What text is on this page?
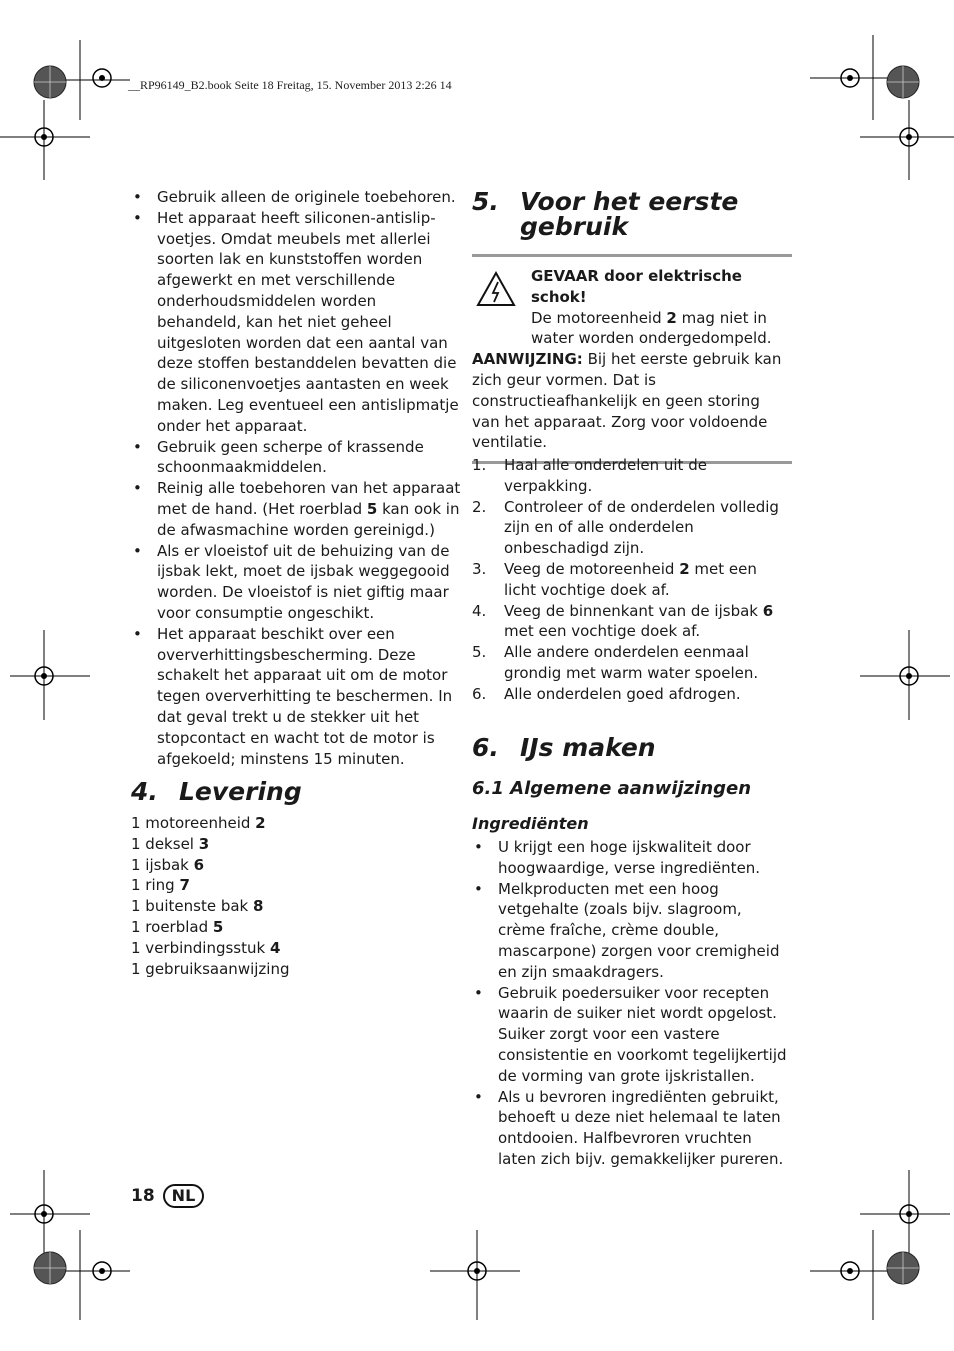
__RP96149_B2.book Seite 18 Freitag, 15. November 2013 2:26 14
• Gebruik alleen de originele toebehoren.
• Het apparaat heeft siliconen-antislip-voetjes. Omdat meubels met allerlei soorten lak en kunststoffen worden afgewerkt en met verschillende onderhoudsmiddelen worden behandeld, kan het niet geheel uitgesloten worden dat een aantal van deze stoffen bestanddelen bevatten die de siliconenvoetjes aantasten en week maken. Leg eventueel een antislipmatje onder het apparaat.
• Gebruik geen scherpe of krassende schoonmaakmiddelen.
• Reinig alle toebehoren van het apparaat met de hand. (Het roerblad 5 kan ook in de afwasmachine worden gereinigd.)
• Als er vloeistof uit de behuizing van de ijsbak lekt, moet de ijsbak weggegooid worden. De vloeistof is niet giftig maar voor consumptie ongeschikt.
• Het apparaat beschikt over een oververhittingsbescherming. Deze schakelt het apparaat uit om de motor tegen oververhitting te beschermen. In dat geval trekt u de stekker uit het stopcontact en wacht tot de motor is afgekoeld; minstens 15 minuten.
4. Levering
1 motoreenheid 2
1 deksel 3
1 ijsbak 6
1 ring 7
1 buitenste bak 8
1 roerblad 5
1 verbindingsstuk 4
1 gebruiksaanwijzing
5. Voor het eerste gebruik
GEVAAR door elektrische schok!
De motoreenheid 2 mag niet in water worden ondergedompeld.
AANWIJZING: Bij het eerste gebruik kan zich geur vormen. Dat is constructieafhankelijk en geen storing van het apparaat. Zorg voor voldoende ventilatie.
1. Haal alle onderdelen uit de verpakking.
2. Controleer of de onderdelen volledig zijn en of alle onderdelen onbeschadigd zijn.
3. Veeg de motoreenheid 2 met een licht vochtige doek af.
4. Veeg de binnenkant van de ijsbak 6 met een vochtige doek af.
5. Alle andere onderdelen eenmaal grondig met warm water spoelen.
6. Alle onderdelen goed afdrogen.
6. IJs maken
6.1 Algemene aanwijzingen
Ingrediënten
• U krijgt een hoge ijskwaliteit door hoogwaardige, verse ingrediënten.
• Melkproducten met een hoog vetgehalte (zoals bijv. slagroom, crème fraîche, crème double, mascarpone) zorgen voor cremigheid en zijn smaakdragers.
• Gebruik poedersuiker voor recepten waarin de suiker niet wordt opgelost. Suiker zorgt voor een vastere consistentie en voorkomt tegelijkertijd de vorming van grote ijskristallen.
• Als u bevroren ingrediënten gebruikt, behoeft u deze niet helemaal te laten ontdooien. Halfbevroren vruchten laten zich bijv. gemakkelijker pureren.
18 NL
